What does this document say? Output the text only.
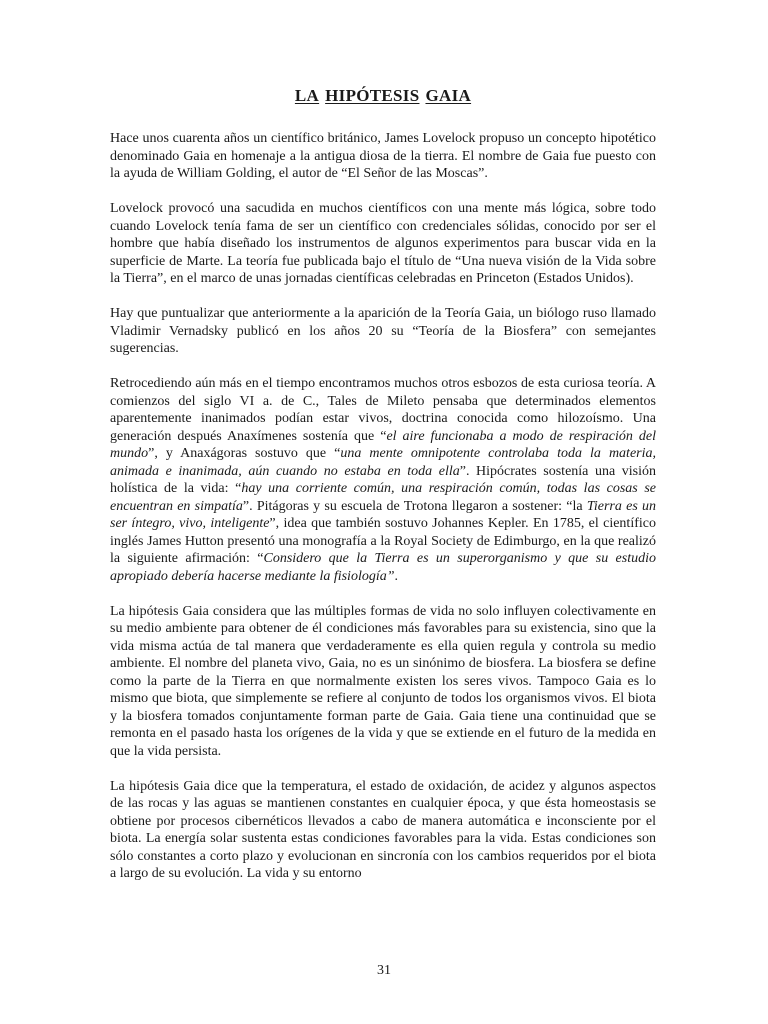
LA HIPÓTESIS GAIA

Hace unos cuarenta años un científico británico, James Lovelock propuso un concepto hipotético denominado Gaia en homenaje a la antigua diosa de la tierra. El nombre de Gaia fue puesto con la ayuda de William Golding, el autor de “El Señor de las Moscas”.

Lovelock provocó una sacudida en muchos científicos con una mente más lógica, sobre todo cuando Lovelock tenía fama de ser un científico con credenciales sólidas, conocido por ser el hombre que había diseñado los instrumentos de algunos experimentos para buscar vida en la superficie de Marte. La teoría fue publicada bajo el título de “Una nueva visión de la Vida sobre la Tierra”, en el marco de unas jornadas científicas celebradas en Princeton (Estados Unidos).

Hay que puntualizar que anteriormente a la aparición de la Teoría Gaia, un biólogo ruso llamado Vladimir Vernadsky publicó en los años 20 su “Teoría de la Biosfera” con semejantes sugerencias.

Retrocediendo aún más en el tiempo encontramos muchos otros esbozos de esta curiosa teoría. A comienzos del siglo VI a. de C., Tales de Mileto pensaba que determinados elementos aparentemente inanimados podían estar vivos, doctrina conocida como hilozoísmo. Una generación después Anaxímenes sostenía que “el aire funcionaba a modo de respiración del mundo”, y Anaxágoras sostuvo que “una mente omnipotente controlaba toda la materia, animada e inanimada, aún cuando no estaba en toda ella”. Hipócrates sostenía una visión holística de la vida: “hay una corriente común, una respiración común, todas las cosas se encuentran en simpatía”. Pitágoras y su escuela de Trotona llegaron a sostener: “la Tierra es un ser íntegro, vivo, inteligente”, idea que también sostuvo Johannes Kepler. En 1785, el científico inglés James Hutton presentó una monografía a la Royal Society de Edimburgo, en la que realizó la siguiente afirmación: “Considero que la Tierra es un superorganismo y que su estudio apropiado debería hacerse mediante la fisiología”.

La hipótesis Gaia considera que las múltiples formas de vida no solo influyen colectivamente en su medio ambiente para obtener de él condiciones más favorables para su existencia, sino que la vida misma actúa de tal manera que verdaderamente es ella quien regula y controla su medio ambiente. El nombre del planeta vivo, Gaia, no es un sinónimo de biosfera. La biosfera se define como la parte de la Tierra en que normalmente existen los seres vivos. Tampoco Gaia es lo mismo que biota, que simplemente se refiere al conjunto de todos los organismos vivos. El biota y la biosfera tomados conjuntamente forman parte de Gaia. Gaia tiene una continuidad que se remonta en el pasado hasta los orígenes de la vida y que se extiende en el futuro de la medida en que la vida persista.

La hipótesis Gaia dice que la temperatura, el estado de oxidación, de acidez y algunos aspectos de las rocas y las aguas se mantienen constantes en cualquier época, y que ésta homeostasis se obtiene por procesos cibernéticos llevados a cabo de manera automática e inconsciente por el biota. La energía solar sustenta estas condiciones favorables para la vida. Estas condiciones son sólo constantes a corto plazo y evolucionan en sincronía con los cambios requeridos por el biota a largo de su evolución. La vida y su entorno

31
